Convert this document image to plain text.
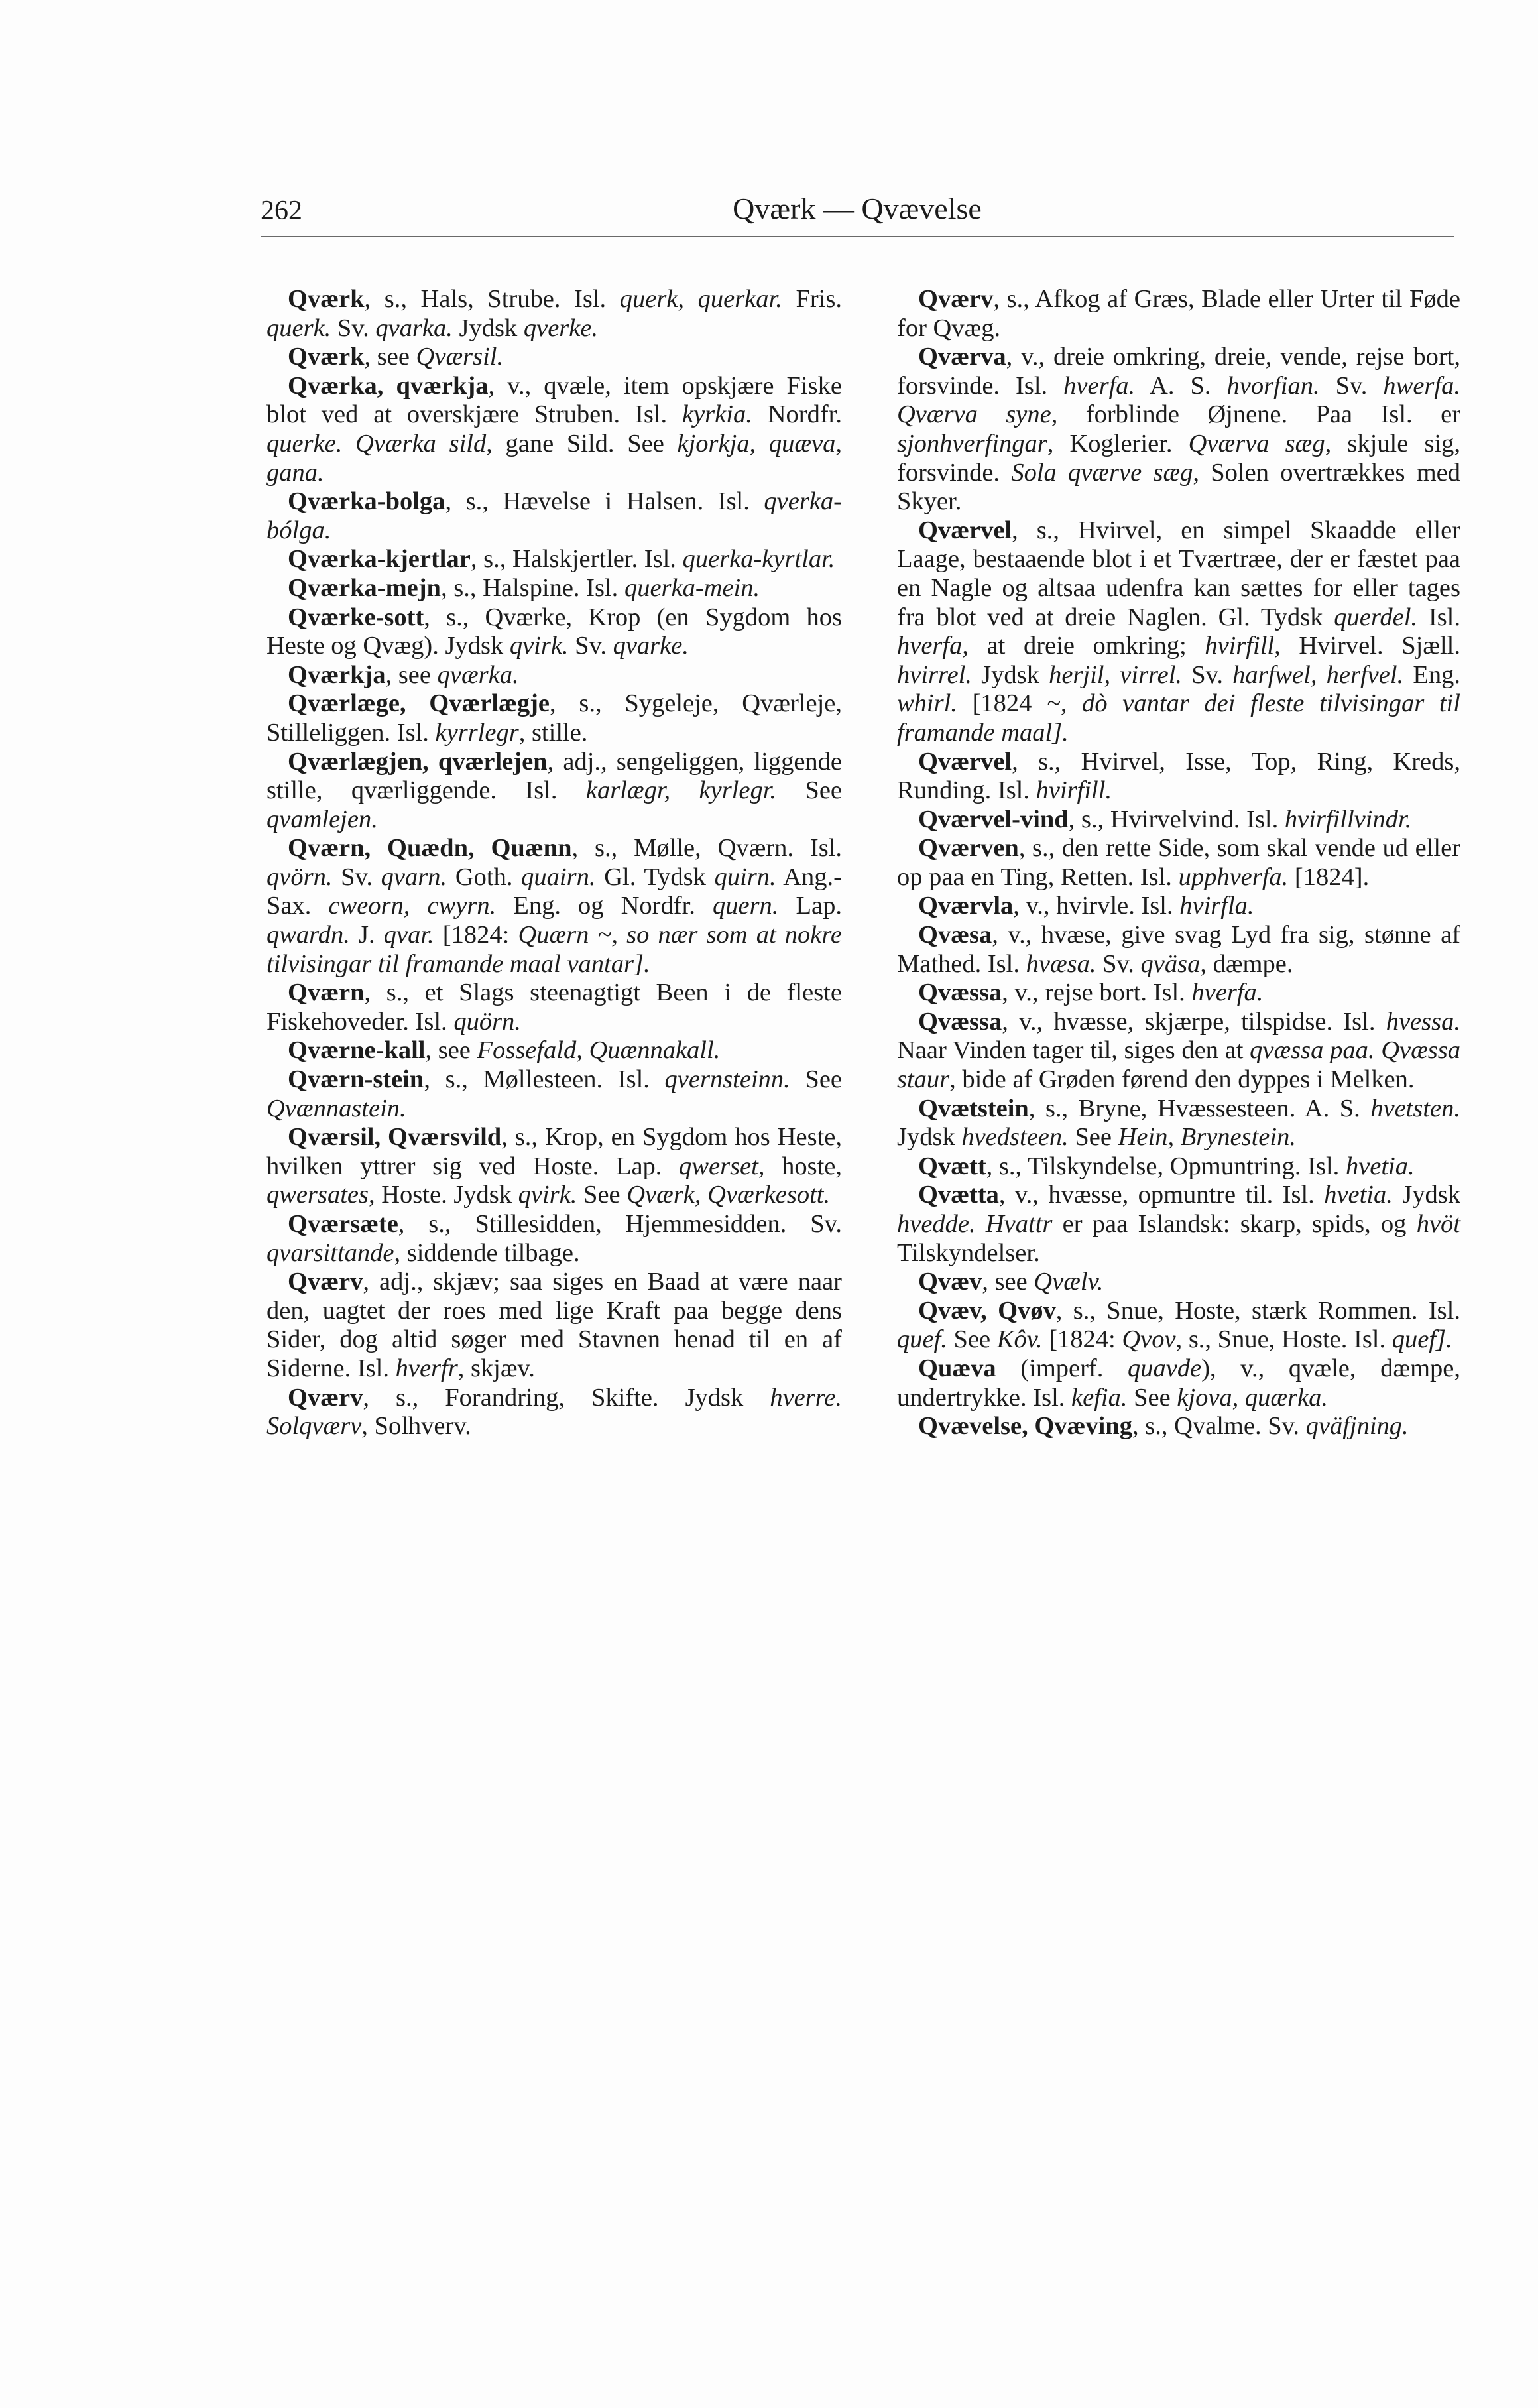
262	Qværk — Qvævelse

Qværk, s., Hals, Strube. Isl. querk, querkar. Fris. querk. Sv. qvarka. Jydsk qverke.

Qværk, see Qværsil.

Qværka, qværkja, v., qvæle, item opskjære Fiske blot ved at overskjære Struben. Isl. kyrkia. Nordfr. querke. Qværka sild, gane Sild. See kjorkja, quæva, gana.

Qværka-bolga, s., Hævelse i Halsen. Isl. qverka-bólga.

Qværka-kjertlar, s., Halskjertler. Isl. querka-kyrtlar.

Qværka-mejn, s., Halspine. Isl. querka-mein.

Qværke-sott, s., Qværke, Krop (en Sygdom hos Heste og Qvæg). Jydsk qvirk. Sv. qvarke.

Qværkja, see qværka.

Qværlæge, Qværlægje, s., Sygeleje, Qværleje, Stilleliggen. Isl. kyrrlegr, stille.

Qværlægjen, qværlejen, adj., sengeliggen, liggende stille, qværliggende. Isl. karlægr, kyrlegr. See qvamlejen.

Qværn, Quædn, Quænn, s., Mølle, Qværn. Isl. qvörn. Sv. qvarn. Goth. quairn. Gl. Tydsk quirn. Ang.-Sax. cweorn, cwyrn. Eng. og Nordfr. quern. Lap. qwardn. J. qvar. [1824: Quærn ~, so nær som at nokre tilvisingar til framande maal vantar].

Qværn, s., et Slags steenagtigt Been i de fleste Fiskehoveder. Isl. quörn.

Qværne-kall, see Fossefald, Quænnakall.

Qværn-stein, s., Møllesteen. Isl. qvernsteinn. See Qvænnastein.

Qværsil, Qværsvild, s., Krop, en Sygdom hos Heste, hvilken yttrer sig ved Hoste. Lap. qwerset, hoste, qwersates, Hoste. Jydsk qvirk. See Qværk, Qværkesott.

Qværsæte, s., Stillesidden, Hjemmesidden. Sv. qvarsittande, siddende tilbage.

Qværv, adj., skjæv; saa siges en Baad at være naar den, uagtet der roes med lige Kraft paa begge dens Sider, dog altid søger med Stavnen henad til en af Siderne. Isl. hverfr, skjæv.

Qværv, s., Forandring, Skifte. Jydsk hverre. Solqværv, Solhverv.

Qværv, s., Afkog af Græs, Blade eller Urter til Føde for Qvæg.

Qværva, v., dreie omkring, dreie, vende, rejse bort, forsvinde. Isl. hverfa. A. S. hvorfian. Sv. hwerfa. Qværva syne, forblinde Øjnene. Paa Isl. er sjonhverfingar, Koglerier. Qværva sæg, skjule sig, forsvinde. Sola qværve sæg, Solen overtrækkes med Skyer.

Qværvel, s., Hvirvel, en simpel Skaadde eller Laage, bestaaende blot i et Tværtræe, der er fæstet paa en Nagle og altsaa udenfra kan sættes for eller tages fra blot ved at dreie Naglen. Gl. Tydsk querdel. Isl. hverfa, at dreie omkring; hvirfill, Hvirvel. Sjæll. hvirrel. Jydsk herjil, virrel. Sv. harfwel, herfvel. Eng. whirl. [1824 ~, dò vantar dei fleste tilvisingar til framande maal].

Qværvel, s., Hvirvel, Isse, Top, Ring, Kreds, Runding. Isl. hvirfill.

Qværvel-vind, s., Hvirvelvind. Isl. hvirfillvindr.

Qværven, s., den rette Side, som skal vende ud eller op paa en Ting, Retten. Isl. upphverfa. [1824].

Qværvla, v., hvirvle. Isl. hvirfla.

Qvæsa, v., hvæse, give svag Lyd fra sig, stønne af Mathed. Isl. hvæsa. Sv. qväsa, dæmpe.

Qvæssa, v., rejse bort. Isl. hverfa.

Qvæssa, v., hvæsse, skjærpe, tilspidse. Isl. hvessa. Naar Vinden tager til, siges den at qvæssa paa. Qvæssa staur, bide af Grøden førend den dyppes i Melken.

Qvætstein, s., Bryne, Hvæssesteen. A. S. hvetsten. Jydsk hvedsteen. See Hein, Brynestein.

Qvætt, s., Tilskyndelse, Opmuntring. Isl. hvetia.

Qvætta, v., hvæsse, opmuntre til. Isl. hvetia. Jydsk hvedde. Hvattr er paa Islandsk: skarp, spids, og hvöt Tilskyndelser.

Qvæv, see Qvælv.

Qvæv, Qvøv, s., Snue, Hoste, stærk Rommen. Isl. quef. See Kôv. [1824: Qvov, s., Snue, Hoste. Isl. quef].

Quæva (imperf. quavde), v., qvæle, dæmpe, undertrykke. Isl. kefia. See kjova, quærka.

Qvævelse, Qvæving, s., Qvalme. Sv. qväfjning.
